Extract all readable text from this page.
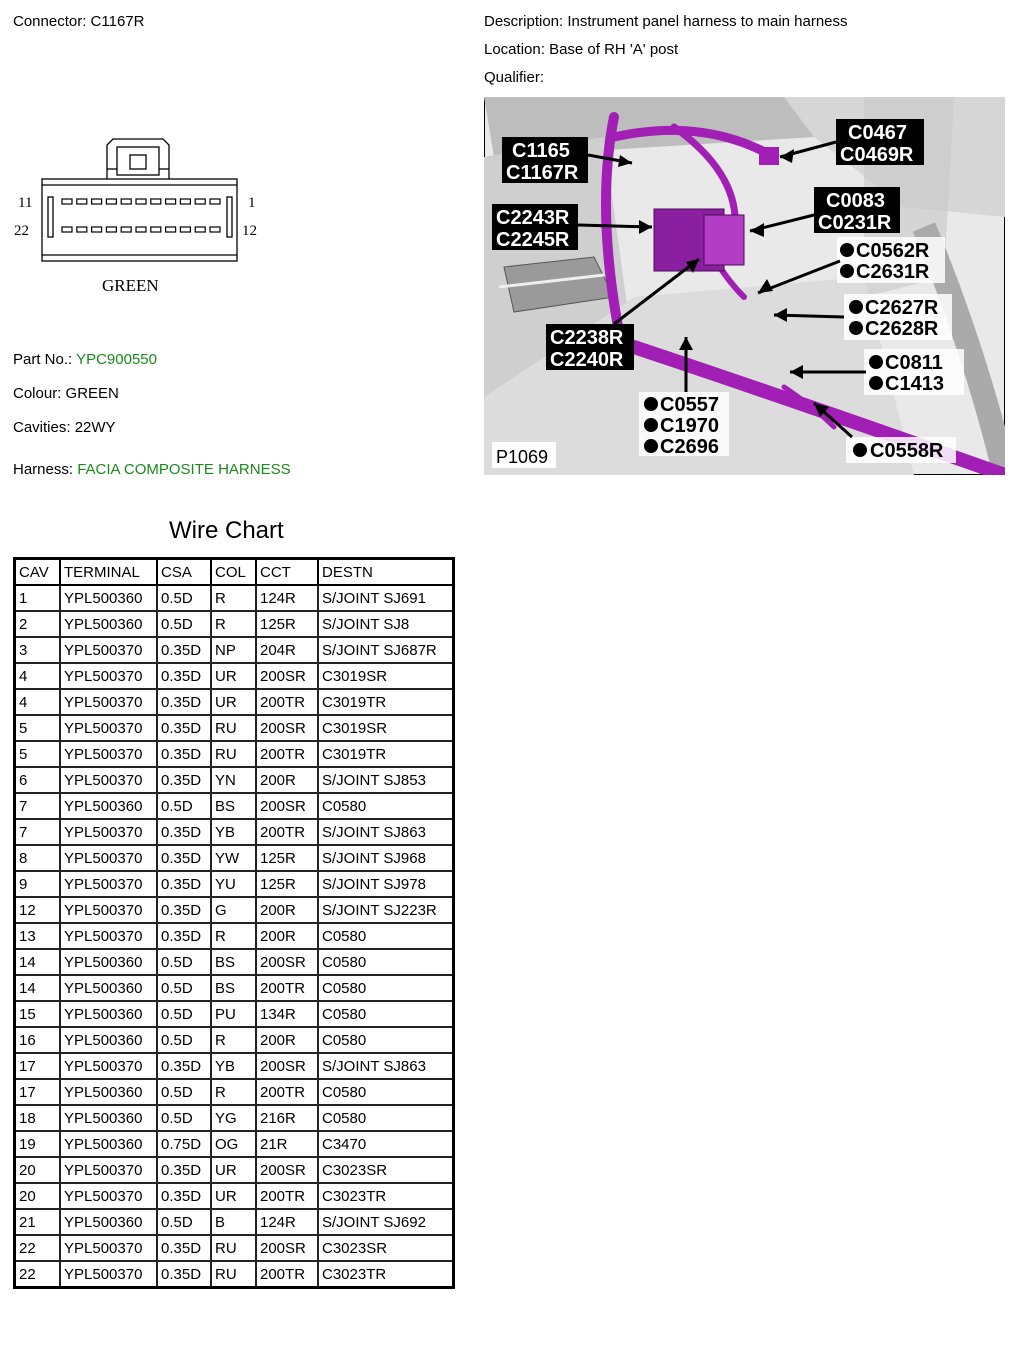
Connector: C1167R	Description: Instrument panel harness to main harness
Location: Base of RH 'A' post
Qualifier:
11
22
1
12
GREEN
C1165
C1167R
C0467
C0469R
C2243R
C2245R
C0083
C0231R
C2238R
C2240R
C0562R
C2631R
C2627R
C2628R
C0811
C1413
C0557
C1970
C2696	C0558R
P1069
Part No.: YPC900550
Colour: GREEN
Cavities: 22WY
Harness: FACIA COMPOSITE HARNESS
Wire Chart
CAV	TERMINAL	CSA	COL	CCT	DESTN
1	YPL500360	0.5D	R	124R	S/JOINT SJ691
2	YPL500360	0.5D	R	125R	S/JOINT SJ8
3	YPL500370	0.35D	NP	204R	S/JOINT SJ687R
4	YPL500370	0.35D	UR	200SR	C3019SR
4	YPL500370	0.35D	UR	200TR	C3019TR
5	YPL500370	0.35D	RU	200SR	C3019SR
5	YPL500370	0.35D	RU	200TR	C3019TR
6	YPL500370	0.35D	YN	200R	S/JOINT SJ853
7	YPL500360	0.5D	BS	200SR	C0580
7	YPL500370	0.35D	YB	200TR	S/JOINT SJ863
8	YPL500370	0.35D	YW	125R	S/JOINT SJ968
9	YPL500370	0.35D	YU	125R	S/JOINT SJ978
12	YPL500370	0.35D	G	200R	S/JOINT SJ223R
13	YPL500370	0.35D	R	200R	C0580
14	YPL500360	0.5D	BS	200SR	C0580
14	YPL500360	0.5D	BS	200TR	C0580
15	YPL500360	0.5D	PU	134R	C0580
16	YPL500360	0.5D	R	200R	C0580
17	YPL500370	0.35D	YB	200SR	S/JOINT SJ863
17	YPL500360	0.5D	R	200TR	C0580
18	YPL500360	0.5D	YG	216R	C0580
19	YPL500360	0.75D	OG	21R	C3470
20	YPL500370	0.35D	UR	200SR	C3023SR
20	YPL500370	0.35D	UR	200TR	C3023TR
21	YPL500360	0.5D	B	124R	S/JOINT SJ692
22	YPL500370	0.35D	RU	200SR	C3023SR
22	YPL500370	0.35D	RU	200TR	C3023TR
